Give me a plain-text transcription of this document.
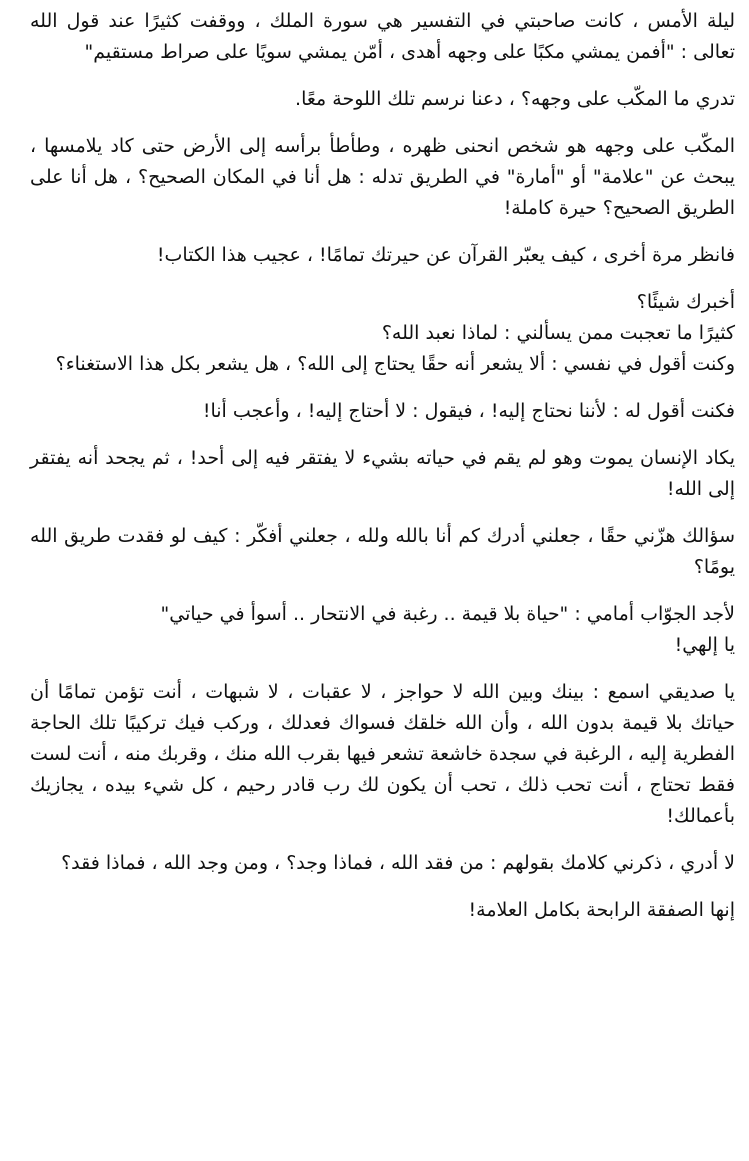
ليلة الأمس ، كانت صاحبتي في التفسير هي سورة الملك ، ووقفت كثيرًا عند قول الله تعالى : "أفمن يمشي مكبًا على وجهه أهدى ، أمّن يمشي سويًا على صراط مستقيم"
تدري ما المكّب على وجهه؟ ، دعنا نرسم تلك اللوحة معًا.
المكّب على وجهه هو شخص انحنى ظهره ، وطأطأ برأسه إلى الأرض حتى كاد يلامسها ، يبحث عن "علامة" أو "أمارة" في الطريق تدله : هل أنا في المكان الصحيح؟ ، هل أنا على الطريق الصحيح؟ حيرة كاملة!
فانظر مرة أخرى ، كيف يعبّر القرآن عن حيرتك تمامًا! ، عجيب هذا الكتاب!
أخبرك شيئًا؟
كثيرًا ما تعجبت ممن يسألني : لماذا نعبد الله؟
وكنت أقول في نفسي : ألا يشعر أنه حقًا يحتاج إلى الله؟ ، هل يشعر بكل هذا الاستغناء؟
فكنت أقول له : لأننا نحتاج إليه! ، فيقول : لا أحتاج إليه! ، وأعجب أنا!
يكاد الإنسان يموت وهو لم يقم في حياته بشيء لا يفتقر فيه إلى أحد! ، ثم يجحد أنه يفتقر إلى الله!
سؤالك هزّني حقًا ، جعلني أدرك كم أنا بالله ولله ، جعلني أفكّر : كيف لو فقدت طريق الله يومًا؟
لأجد الجوّاب أمامي : "حياة بلا قيمة .. رغبة في الانتحار .. أسوأ في حياتي"
يا إلهي!
يا صديقي اسمع : بينك وبين الله لا حواجز ، لا عقبات ، لا شبهات ، أنت تؤمن تمامًا أن حياتك بلا قيمة بدون الله ، وأن الله خلقك فسواك فعدلك ، وركب فيك تركيبًا تلك الحاجة الفطرية إليه ، الرغبة في سجدة خاشعة تشعر فيها بقرب الله منك ، وقربك منه ، أنت لست فقط تحتاج ، أنت تحب ذلك ، تحب أن يكون لك رب قادر رحيم ، كل شيء بيده ، يجازيك بأعمالك!
لا أدري ، ذكرني كلامك بقولهم : من فقد الله ، فماذا وجد؟ ، ومن وجد الله ، فماذا فقد؟
إنها الصفقة الرابحة بكامل العلامة!
